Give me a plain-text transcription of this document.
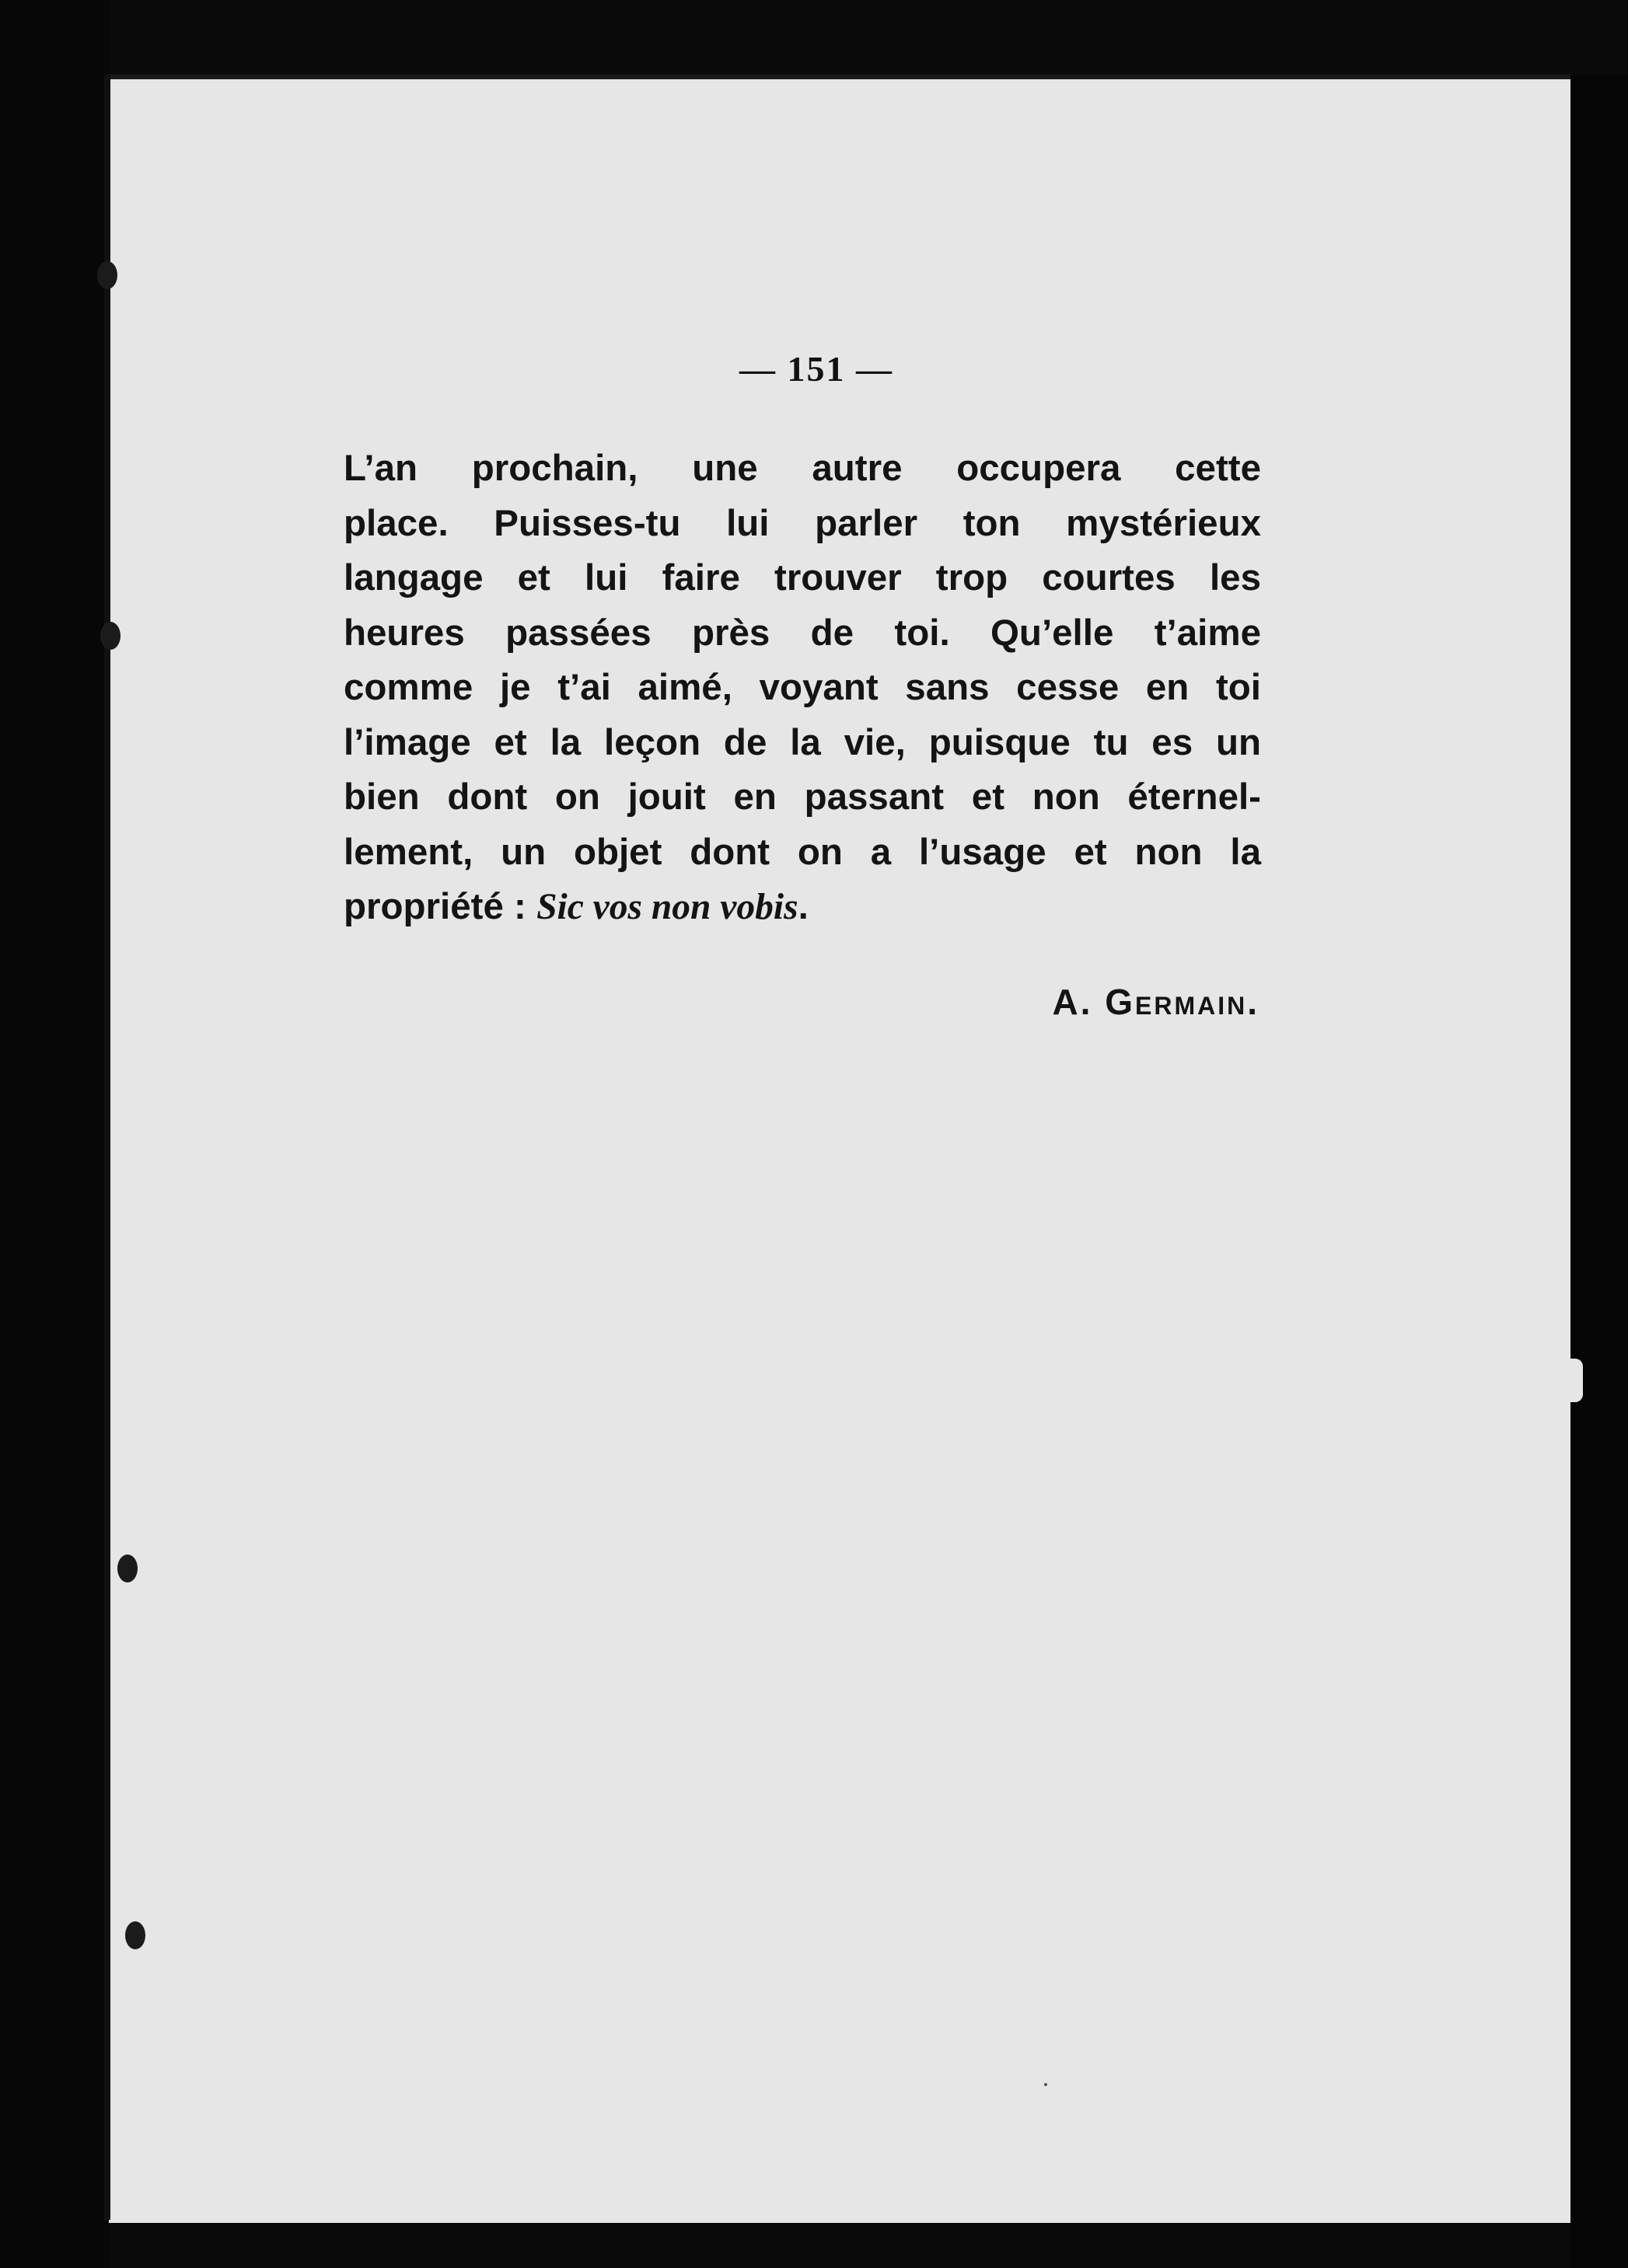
— 151 —
L’an prochain, une autre occupera cette
place. Puisses-tu lui parler ton mystérieux
langage et lui faire trouver trop courtes les
heures passées près de toi. Qu’elle t’aime
comme je t’ai aimé, voyant sans cesse en toi
l’image et la leçon de la vie, puisque tu es un
bien dont on jouit en passant et non éternel-
lement, un objet dont on a l’usage et non la
propriété : Sic vos non vobis.
A. Germain.
